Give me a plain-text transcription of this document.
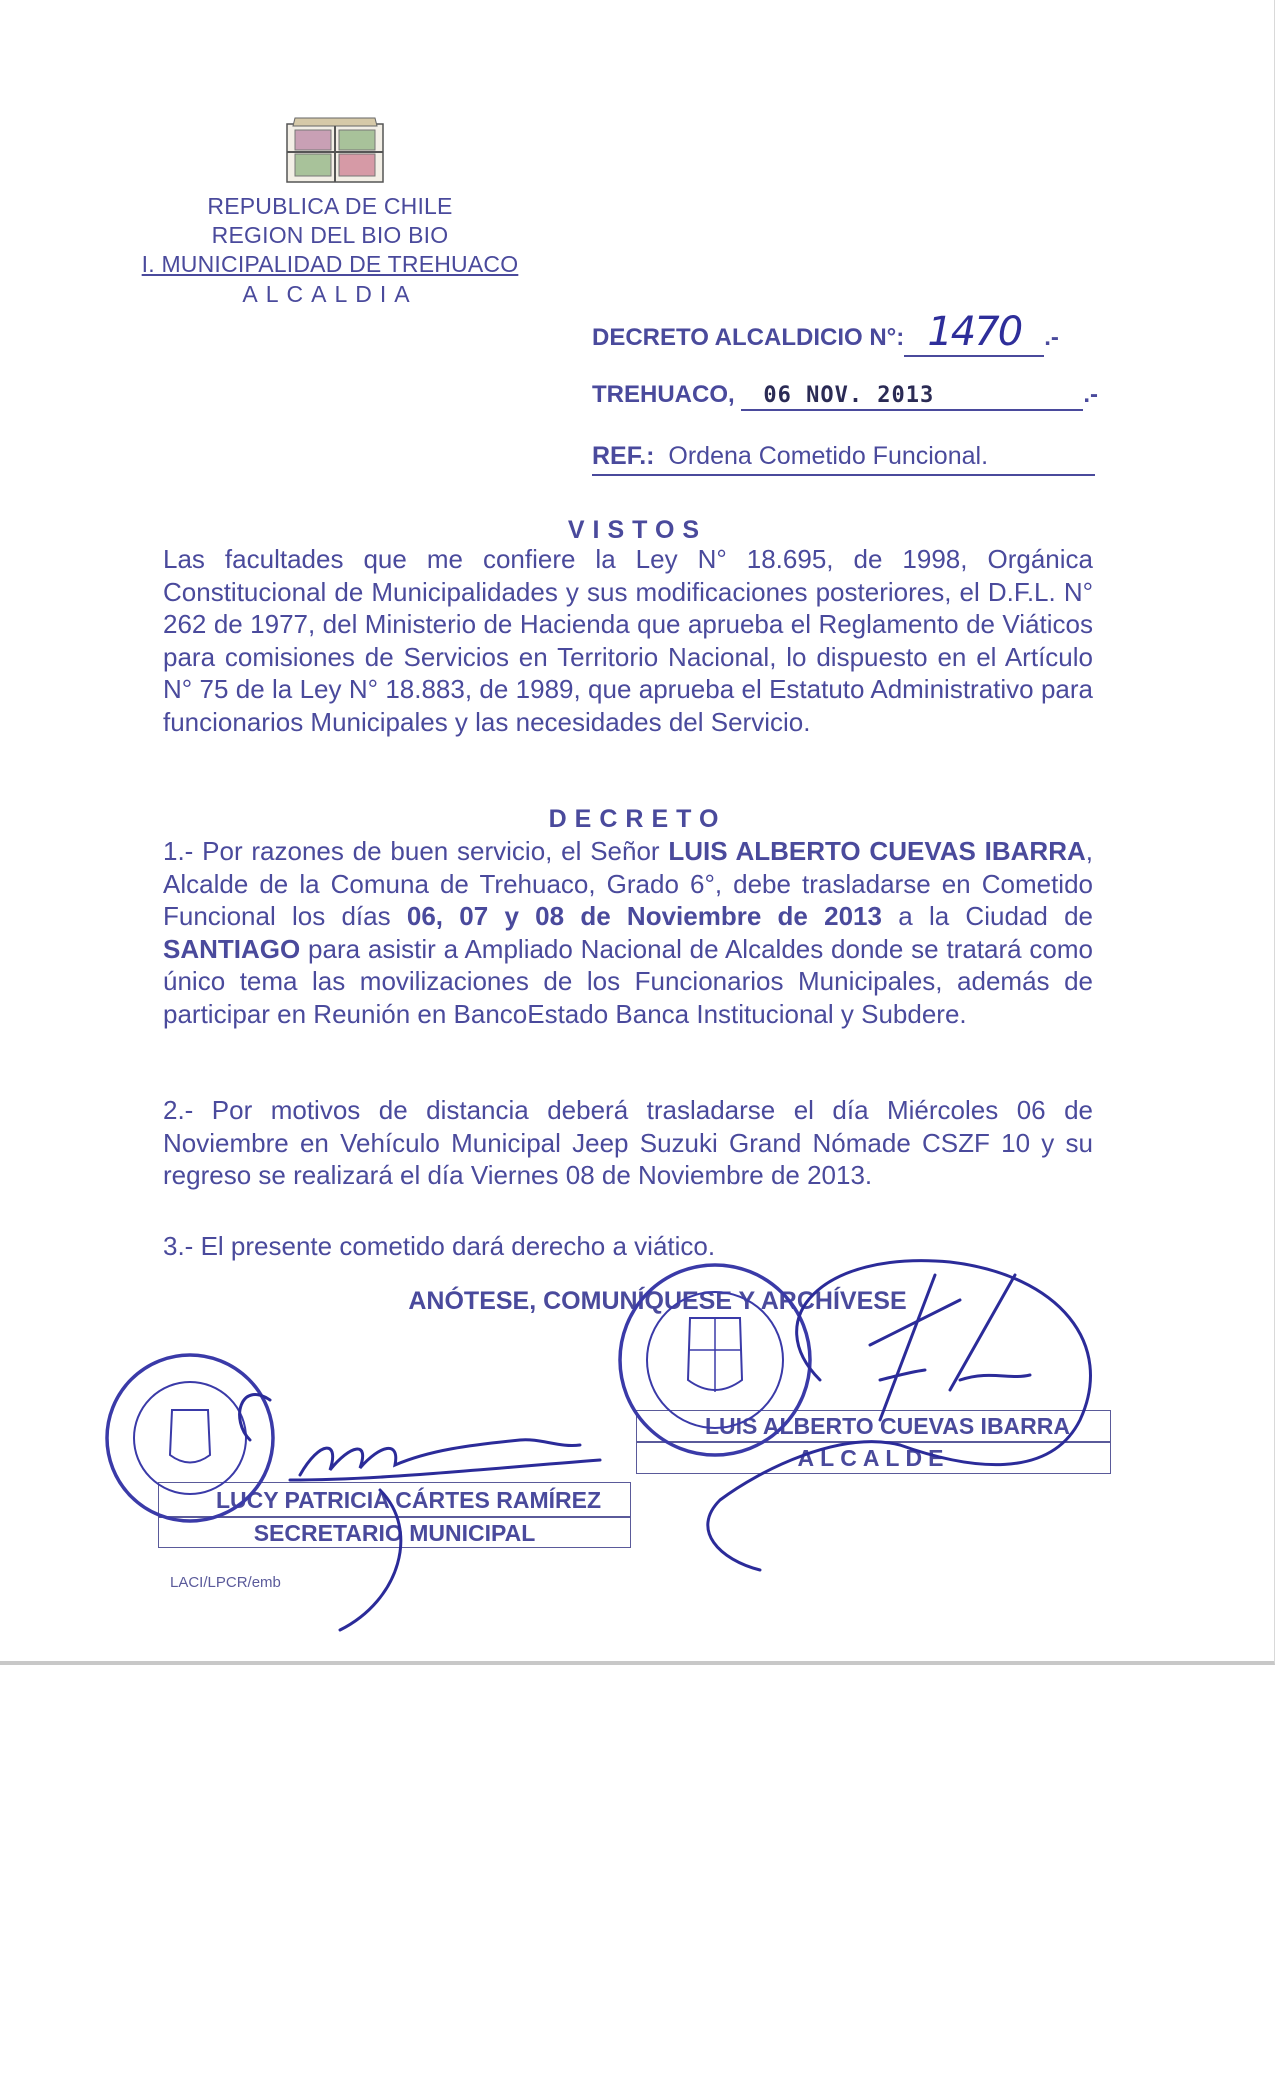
REPUBLICA DE CHILE
REGION DEL BIO BIO
I. MUNICIPALIDAD DE TREHUACO
ALCALDIA
DECRETO ALCALDICIO N°: 1470 .-
TREHUACO, 06 NOV. 2013	.-
REF.: Ordena Cometido Funcional.
VISTOS
Las facultades que me confiere la Ley N° 18.695, de 1998, Orgánica Constitucional de Municipalidades y sus modificaciones posteriores, el D.F.L. N° 262 de 1977, del Ministerio de Hacienda que aprueba el Reglamento de Viáticos para comisiones de Servicios en Territorio Nacional, lo dispuesto en el Artículo N° 75 de la Ley N° 18.883, de 1989, que aprueba el Estatuto Administrativo para funcionarios Municipales y las necesidades del Servicio.
DECRETO
1.- Por razones de buen servicio, el Señor LUIS ALBERTO CUEVAS IBARRA, Alcalde de la Comuna de Trehuaco, Grado 6°, debe trasladarse en Cometido Funcional los días 06, 07 y 08 de Noviembre de 2013 a la Ciudad de SANTIAGO para asistir a Ampliado Nacional de Alcaldes donde se tratará como único tema las movilizaciones de los Funcionarios Municipales, además de participar en Reunión en BancoEstado Banca Institucional y Subdere.
2.- Por motivos de distancia deberá trasladarse el día Miércoles 06 de Noviembre en Vehículo Municipal Jeep Suzuki Grand Nómade CSZF 10 y su regreso se realizará el día Viernes 08 de Noviembre de 2013.
3.- El presente cometido dará derecho a viático.
ANÓTESE, COMUNÍQUESE Y ARCHÍVESE
LUIS ALBERTO CUEVAS IBARRA
ALCALDE
LUCY PATRICIA CÁRTES RAMÍREZ
SECRETARIO MUNICIPAL
LACI/LPCR/emb
